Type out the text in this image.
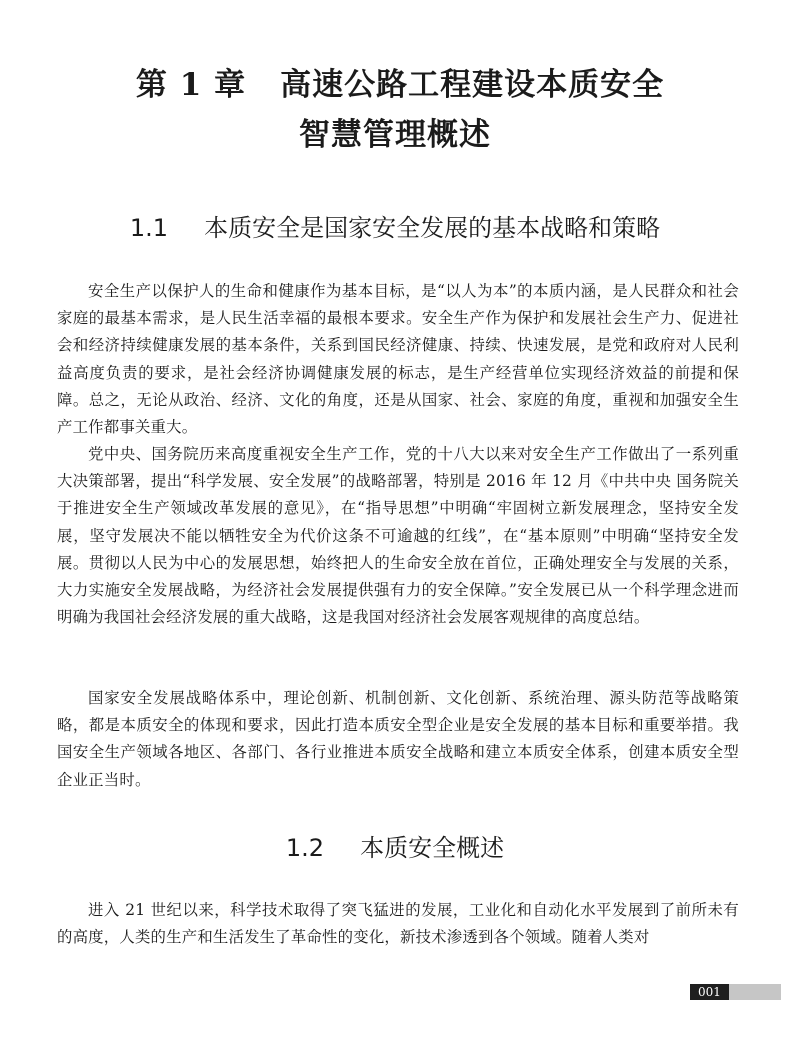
第 1 章 高速公路工程建设本质安全
智慧管理概述
1.1 本质安全是国家安全发展的基本战略和策略

安全生产以保护人的生命和健康作为基本目标，是“以人为本”的本质内涵，是人民群众和社会家庭的最基本需求，是人民生活幸福的最根本要求。安全生产作为保护和发展社会生产力、促进社会和经济持续健康发展的基本条件，关系到国民经济健康、持续、快速发展，是党和政府对人民利益高度负责的要求，是社会经济协调健康发展的标志，是生产经营单位实现经济效益的前提和保障。总之，无论从政治、经济、文化的角度，还是从国家、社会、家庭的角度，重视和加强安全生产工作都事关重大。

党中央、国务院历来高度重视安全生产工作，党的十八大以来对安全生产工作做出了一系列重大决策部署，提出“科学发展、安全发展”的战略部署，特别是 2016 年 12 月《中共中央 国务院关于推进安全生产领域改革发展的意见》，在“指导思想”中明确“牢固树立新发展理念，坚持安全发展，坚守发展决不能以牺牲安全为代价这条不可逾越的红线”，在“基本原则”中明确“坚持安全发展。贯彻以人民为中心的发展思想，始终把人的生命安全放在首位，正确处理安全与发展的关系，大力实施安全发展战略，为经济社会发展提供强有力的安全保障。”安全发展已从一个科学理念进而明确为我国社会经济发展的重大战略，这是我国对经济社会发展客观规律的高度总结。

国家安全发展战略体系中，理论创新、机制创新、文化创新、系统治理、源头防范等战略策略，都是本质安全的体现和要求，因此打造本质安全型企业是安全发展的基本目标和重要举措。我国安全生产领域各地区、各部门、各行业推进本质安全战略和建立本质安全体系，创建本质安全型企业正当时。

1.2 本质安全概述

进入 21 世纪以来，科学技术取得了突飞猛进的发展，工业化和自动化水平发展到了前所未有的高度，人类的生产和生活发生了革命性的变化，新技术渗透到各个领域。随着人类对

001
